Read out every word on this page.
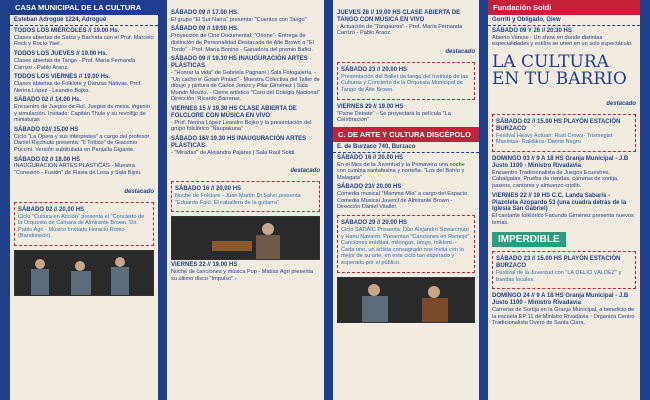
CASA MUNICIPAL DE LA CULTURA
Esteban Adrogué 1224, Adrogué
TODOS LOS MIÉRCOLES // 19.00 Hs.
Clases abiertas de Salsa y Bachata con el Prof. Marcelo Rock y Rocío Yael .
TODOS LOS JUEVES // 19.00 Hs.
Clases abiertas de Tango - Prof. María Fernanda Carrizo - Pablo Araoz.
TODOS LOS VIERNES // 19.00 Hs.
Clases abiertas de Folklore y Danzas Nativas. Prof. Nerina López - Leandro Bojko.
SÁBADO 02 // 14.00 Hs.
Encuentro de Juegos de Rol. Juegos de mesa, ingenio y simulación. Invitado: Capitán Thule y su revoltijo de miniaturas
SÁBADO 02// 15.00 HS
Ciclo "La Ópera y sus intérpretes" a cargo del profesor Daniel Ricchiuto presenta: "Il Trittico" de Giacomo Puccini. Versión subtitulada en Pantalla Gigante.
SÁBADO 02 // 18.00 HS
INAUGURACIÓN ARTES PLÁSTICAS - Muestra "Conexión - Fusión" de Flavia de Losa y Sala Bijou.
destacado
SÁBADO 02 // 20.00 HS
Ciclo "Cultura en Acción" presenta el "Concierto de la Orquesta de Cámara de Almirante Brown. Dir. Pablo Agri - Músico Invitado Horacio Romo (Bandoneón).
SÁBADO 09 // 17.00 HS.
El grupo "El Sur Narra" presenta: "Cuentos con Tango"
SÁBADO 09 // 19.00 HS.
Proyección de Cine Documental: "Orione"- Entrega de distinción de Personalidad Destacada de Alte Brown a "El Tordo" - Prof. María Bonino - Ganadora del premio Bafici.
SÁBADO 09 // 19.30 HS INAUGURACIÓN ARTES PLÁSTICAS
- "Honrar la vida" de Gabriela Pagnani | Sala Fotogaleria. - "Un cacho e' Gotan Pintao" - Muestra Colectiva del Taller de dibujo y pintura de Carlos Jones y Pilar Giménez | Sala Mundo Mouzo. - Cierre artístico "Coro del Colegio Nacional" Dirección: Ricardo Barreras.
VIERNES 15 // 19.30 HS CLASE ABIERTA DE FOLCLORE CON MÚSICA EN VIVO
- Prof. Nerina López Leandro Bojko y la presentación del grupo folclórico "Ñaupakuna"
SÁBADO 16// 19.30 HS INAUGURACIÓN ARTES PLÁSTICAS
- "Miradas" de Alejandra Pajares | Sala Raúl Soldi.
destacado
SÁBADO 16 // 20.00 HS
Noche de Folclore - Juan Martín Di Salvo presenta "Eduardo Falú. El caballero de la guitarra"
VIERNES 22 // 19.00 HS
Noche de canciones y música Pop - Matías Agri presenta su último disco "Impulso".-
JUEVES 28 // 19.00 HS CLASE ABIERTA DE TANGO CON MÚSICA EN VIVO
- Actuación de "Tangauros" - Prof. María Fernanda Carrizo - Pablo Araoz.
destacado
SÁBADO 23 // 20.00 HS
Presentación del Ballet de tango del Instituto de las Culturas y Concierto de la Orquesta Municipal de Tango de Alte Brown.
VIERNES 29 // 19.00 HS
"Psine Debate" - Se proyectará la película "La Celebración"
C. DE ARTE Y CULTURA DISCÉPOLO
E. de Burzaco 740, Burzaco
SÁBADO 16 // 20.00 HS
En el Mes de la Juventud y la Primavera una noche con cumbia santafesina y norteña. "Los del Bohío y Malagata"
SÁBADO 23// 20.00 HS
Comedia musical "Mamma Mía" a cargo del Espacio Comedia Musical Juvenil de Almirante Brown - Dirección Daniel Vitaller.
SÁBADO 29 // 20.00 HS
Ciclo SADAIC Presenta: Dúo Alejandro Szwarcman y Hanu Navarro. Presentan "Canciones en Remojo". Canciones inéditas, milongas, tango, folklore. - Cada uno, un artista consagrado nos invita con lo mejor de su arte, en este ciclo tan esperado y esperado por el público.
Fundación Soldi
Gorriti y Obligado, Glew
SÁBADO 09 Y 26 // 20.30 HS
Abierto Varese - Un show en donde distintas especialidades y estilos se unen en un solo espectáculo.
LA CULTURA EN TU BARRIO
destacado
SÁBADO 02 // 15.00 HS PLAYÓN ESTACIÓN BURZACO
Festival Heavy Actúan: Rust Crows- Trismegist Maximus- Rakitikos- Diente Negro
DOMINGO 03 // 9 A 18 HS Granja Municipal - J.B Justo 1100 - Ministro Rivadavia
Encuentro Tradicionalista de Juegos Ecuestres. Cabalgatas, Prueba de riendas, carreras de sortija, paseos, cantores y almuerzo criollo.
VIERNES 22 // 19 HS C.C. Landa Sabaris - Plazoleta Azopardo 53 (una cuadra detrás de la Iglesia San Gabriel)
El cantante folklórico Facundo Giménez presenta nuevos temas.
IMPERDIBLE
SÁBADO 23 // 15.00 HS PLAYÓN ESTACIÓN BURZACO
Festival de la Juventud con "LA DELIO VALDEZ" y bandas locales.
DOMINGO 24 // 9 A 18 HS Granja Municipal - J.B Justo 1100 - Ministro Rivadavia
Carreras de Sortija en la Granja Municipal, a beneficio de la escuela EP 11 de Ministro Rivadavia - Organiza Centro Tradicionalista Overo de Santa Clara.
